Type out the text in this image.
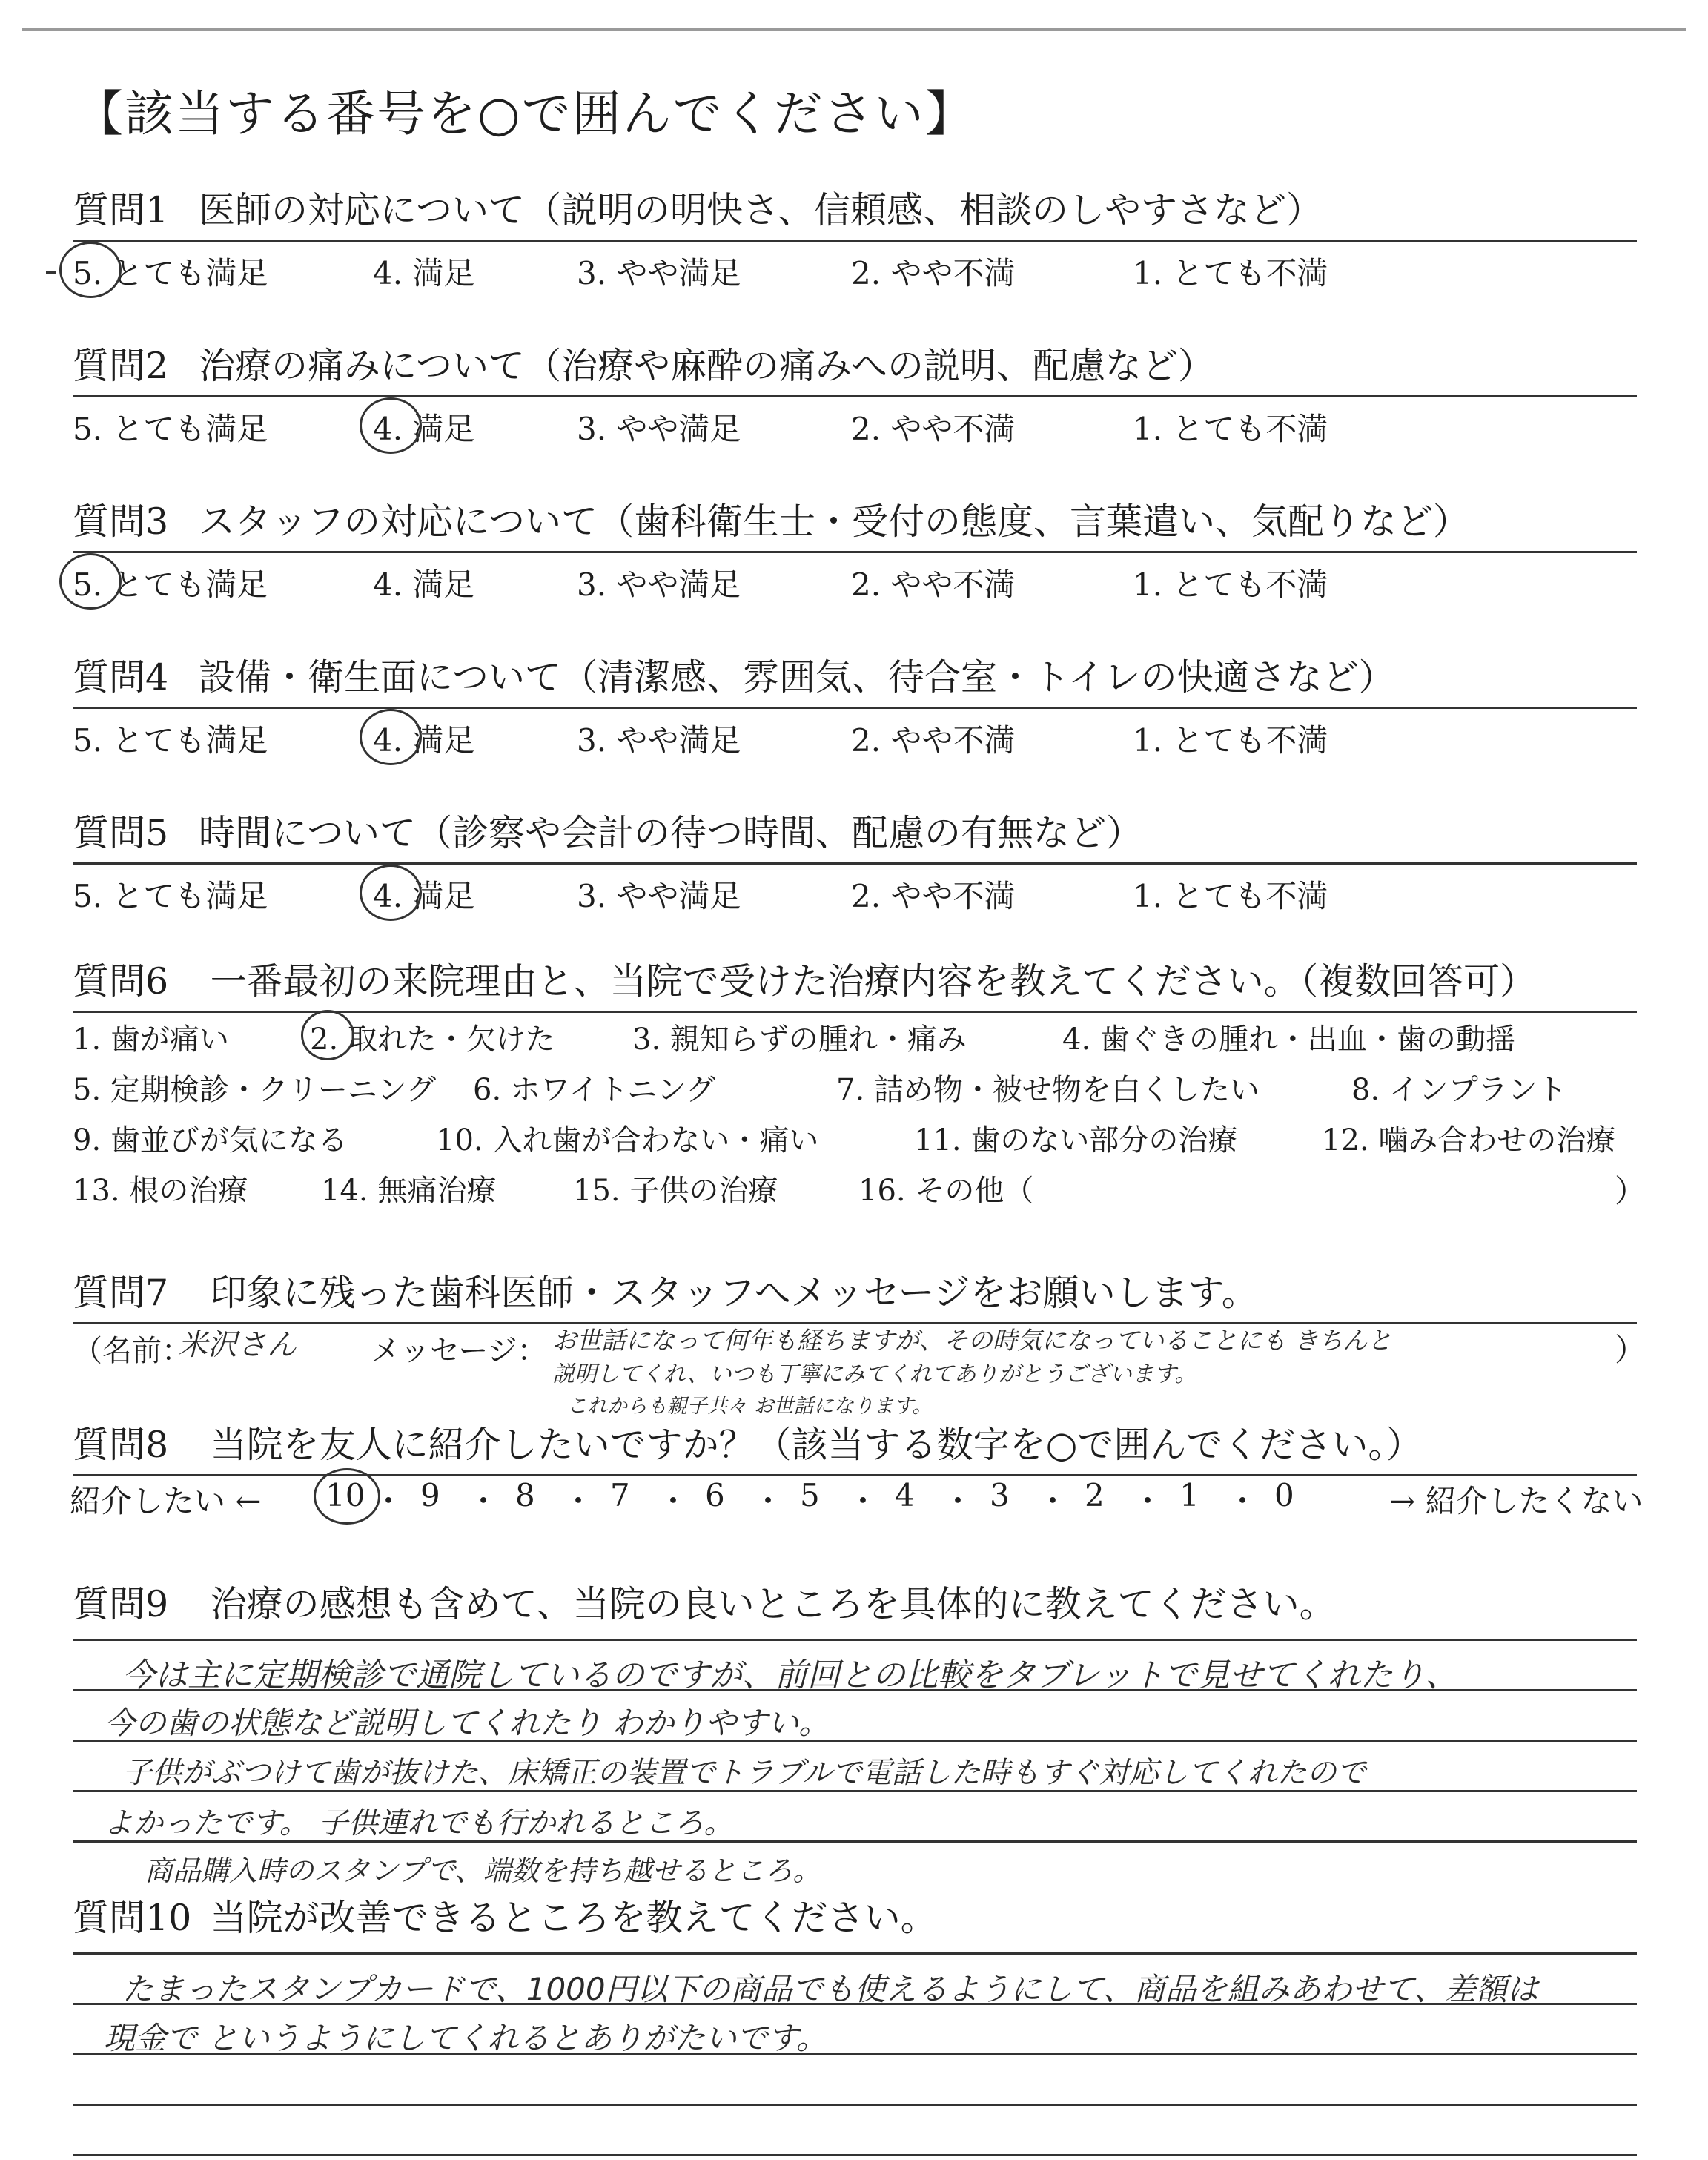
【該当する番号を○で囲んでください】
質問1 医師の対応について（説明の明快さ、信頼感、相談のしやすさなど）
5. とても満足	4. 満足	3. やや満足	2. やや不満	1. とても不満
質問2 治療の痛みについて（治療や麻酔の痛みへの説明、配慮など）
5. とても満足	4. 満足	3. やや満足	2. やや不満	1. とても不満
質問3 スタッフの対応について（歯科衛生士・受付の態度、言葉遣い、気配りなど）
5. とても満足	4. 満足	3. やや満足	2. やや不満	1. とても不満
質問4 設備・衛生面について（清潔感、雰囲気、待合室・トイレの快適さなど）
5. とても満足	4. 満足	3. やや満足	2. やや不満	1. とても不満
質問5 時間について（診察や会計の待つ時間、配慮の有無など）
5. とても満足	4. 満足	3. やや満足	2. やや不満	1. とても不満
質問6 一番最初の来院理由と、当院で受けた治療内容を教えてください。（複数回答可）
1. 歯が痛い	2. 取れた・欠けた	3. 親知らずの腫れ・痛み	4. 歯ぐきの腫れ・出血・歯の動揺
5. 定期検診・クリーニング 6. ホワイトニング	7. 詰め物・被せ物を白くしたい	8. インプラント
9. 歯並びが気になる	10. 入れ歯が合わない・痛い	11. 歯のない部分の治療	12. 噛み合わせの治療
13. 根の治療 14. 無痛治療	15. 子供の治療	16. その他（	）
質問7 印象に残った歯科医師・スタッフへメッセージをお願いします。
（名前：
米沢さん	メッセージ：	）
お世話になって何年も経ちますが、その時気になっていることにも きちんと
説明してくれ、いつも丁寧にみてくれてありがとうございます。
これからも親子共々 お世話になります。
質問8 当院を友人に紹介したいですか？（該当する数字を○で囲んでください。）
紹介したい ←	→ 紹介したくない
10 ・ 9 ・ 8 ・ 7 ・ 6 ・ 5 ・ 4 ・ 3 ・ 2 ・ 1 ・ 0
質問9 治療の感想も含めて、当院の良いところを具体的に教えてください。
今は主に定期検診で通院しているのですが、前回との比較をタブレットで見せてくれたり、
今の歯の状態など説明してくれたり わかりやすい。
子供がぶつけて歯が抜けた、床矯正の装置でトラブルで電話した時もすぐ対応してくれたので
よかったです。 子供連れでも行かれるところ。
商品購入時のスタンプで、端数を持ち越せるところ。
質問10 当院が改善できるところを教えてください。
たまったスタンプカードで、1000円以下の商品でも使えるようにして、商品を組みあわせて、差額は
現金で というようにしてくれるとありがたいです。
